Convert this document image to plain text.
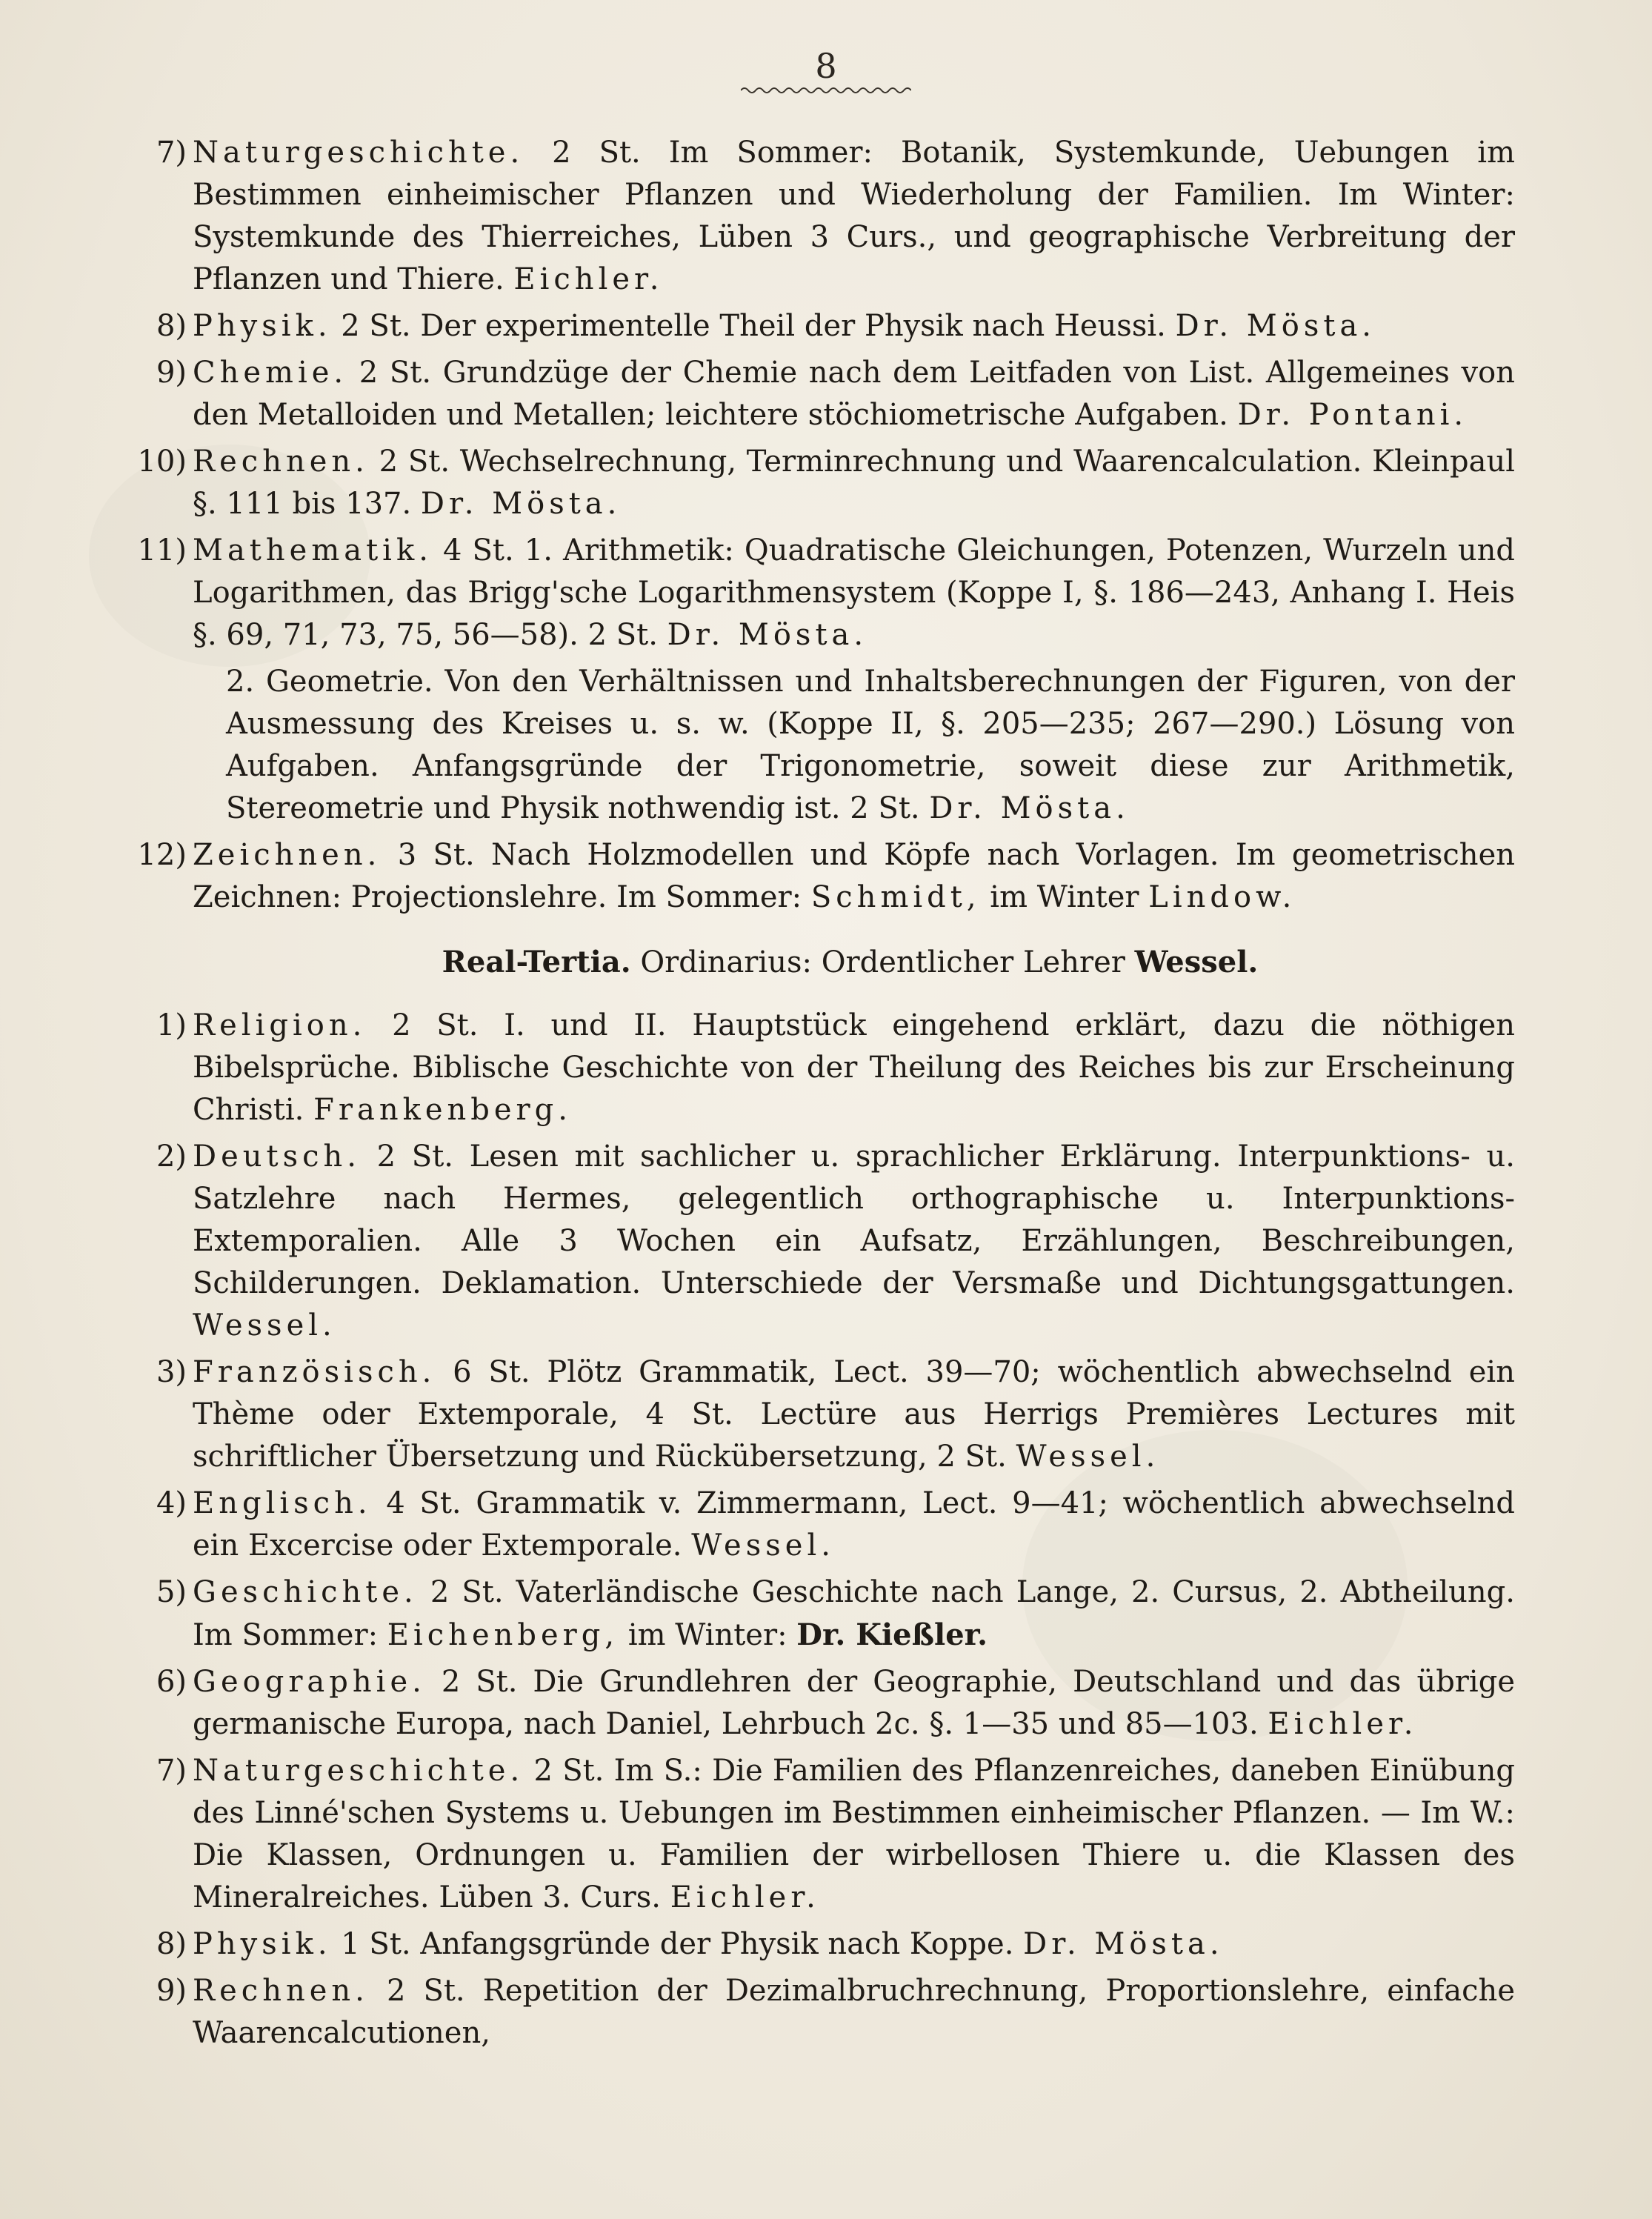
8
7) Naturgeschichte. 2 St. Im Sommer: Botanik, Systemkunde, Uebungen im Bestimmen einheimischer Pflanzen und Wiederholung der Familien. Im Winter: Systemkunde des Thierreiches, Lüben 3 Curs., und geographische Verbreitung der Pflanzen und Thiere. Eichler.
8) Physik. 2 St. Der experimentelle Theil der Physik nach Heussi. Dr. Mösta.
9) Chemie. 2 St. Grundzüge der Chemie nach dem Leitfaden von List. Allgemeines von den Metalloiden und Metallen; leichtere stöchiometrische Aufgaben. Dr. Pontani.
10) Rechnen. 2 St. Wechselrechnung, Terminrechnung und Waarencalculation. Kleinpaul §. 111 bis 137. Dr. Mösta.
11) Mathematik. 4 St. 1. Arithmetik: Quadratische Gleichungen, Potenzen, Wurzeln und Logarithmen, das Brigg'sche Logarithmensystem (Koppe I, §. 186—243, Anhang I. Heis §. 69, 71, 73, 75, 56—58). 2 St. Dr. Mösta.
2. Geometrie. Von den Verhältnissen und Inhaltsberechnungen der Figuren, von der Ausmessung des Kreises u. s. w. (Koppe II, §. 205—235; 267—290.) Lösung von Aufgaben. Anfangsgründe der Trigonometrie, soweit diese zur Arithmetik, Stereometrie und Physik nothwendig ist. 2 St. Dr. Mösta.
12) Zeichnen. 3 St. Nach Holzmodellen und Köpfe nach Vorlagen. Im geometrischen Zeichnen: Projectionslehre. Im Sommer: Schmidt, im Winter Lindow.
Real-Tertia. Ordinarius: Ordentlicher Lehrer Wessel.
1) Religion. 2 St. I. und II. Hauptstück eingehend erklärt, dazu die nöthigen Bibelsprüche. Biblische Geschichte von der Theilung des Reiches bis zur Erscheinung Christi. Frankenberg.
2) Deutsch. 2 St. Lesen mit sachlicher u. sprachlicher Erklärung. Interpunktions- u. Satzlehre nach Hermes, gelegentlich orthographische u. Interpunktions-Extemporalien. Alle 3 Wochen ein Aufsatz, Erzählungen, Beschreibungen, Schilderungen. Deklamation. Unterschiede der Versmaße und Dichtungsgattungen. Wessel.
3) Französisch. 6 St. Plötz Grammatik, Lect. 39—70; wöchentlich abwechselnd ein Thème oder Extemporale, 4 St. Lectüre aus Herrigs Premières Lectures mit schriftlicher Übersetzung und Rückübersetzung, 2 St. Wessel.
4) Englisch. 4 St. Grammatik v. Zimmermann, Lect. 9—41; wöchentlich abwechselnd ein Excercise oder Extemporale. Wessel.
5) Geschichte. 2 St. Vaterländische Geschichte nach Lange, 2. Cursus, 2. Abtheilung. Im Sommer: Eichenberg, im Winter: Dr. Kießler.
6) Geographie. 2 St. Die Grundlehren der Geographie, Deutschland und das übrige germanische Europa, nach Daniel, Lehrbuch 2c. §. 1—35 und 85—103. Eichler.
7) Naturgeschichte. 2 St. Im S.: Die Familien des Pflanzenreiches, daneben Einübung des Linné'schen Systems u. Uebungen im Bestimmen einheimischer Pflanzen. — Im W.: Die Klassen, Ordnungen u. Familien der wirbellosen Thiere u. die Klassen des Mineralreiches. Lüben 3. Curs. Eichler.
8) Physik. 1 St. Anfangsgründe der Physik nach Koppe. Dr. Mösta.
9) Rechnen. 2 St. Repetition der Dezimalbruchrechnung, Proportionslehre, einfache Waarencalcutionen,
